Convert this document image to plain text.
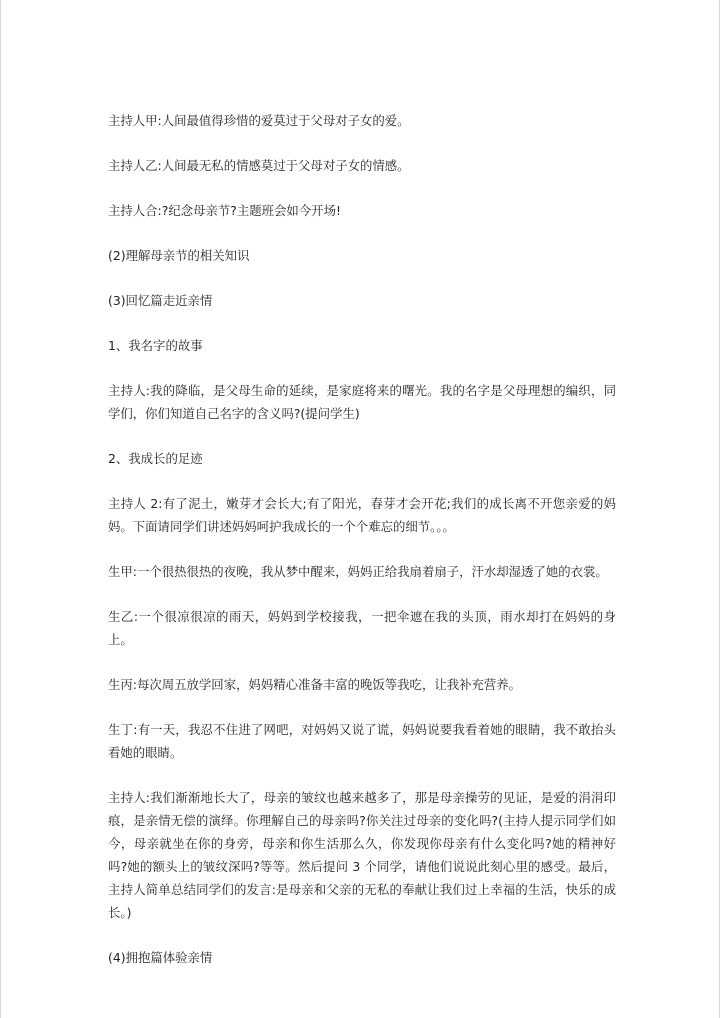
主持人甲:人间最值得珍惜的爱莫过于父母对子女的爱。

主持人乙:人间最无私的情感莫过于父母对子女的情感。

主持人合:?纪念母亲节?主题班会如今开场!

(2)理解母亲节的相关知识

(3)回忆篇走近亲情

1、我名字的故事

主持人:我的降临，是父母生命的延续，是家庭将来的曙光。我的名字是父母理想的编织，同学们，你们知道自己名字的含义吗?(提问学生)

2、我成长的足迹

主持人 2:有了泥土，嫩芽才会长大;有了阳光，春芽才会开花;我们的成长离不开您亲爱的妈妈。下面请同学们讲述妈妈呵护我成长的一个个难忘的细节。。。

生甲:一个很热很热的夜晚，我从梦中醒来，妈妈正给我扇着扇子，汗水却湿透了她的衣裳。

生乙:一个很凉很凉的雨天，妈妈到学校接我，一把伞遮在我的头顶，雨水却打在妈妈的身上。

生丙:每次周五放学回家，妈妈精心准备丰富的晚饭等我吃，让我补充营养。

生丁:有一天，我忍不住进了网吧，对妈妈又说了谎，妈妈说要我看着她的眼睛，我不敢抬头看她的眼睛。

主持人:我们渐渐地长大了，母亲的皱纹也越来越多了，那是母亲操劳的见证，是爱的涓涓印痕，是亲情无偿的演绎。你理解自己的母亲吗?你关注过母亲的变化吗?(主持人提示同学们如今，母亲就坐在你的身旁，母亲和你生活那么久，你发现你母亲有什么变化吗?她的精神好吗?她的额头上的皱纹深吗?等等。然后提问 3 个同学，请他们说说此刻心里的感受。最后，主持人简单总结同学们的发言:是母亲和父亲的无私的奉献让我们过上幸福的生活，快乐的成长。)

(4)拥抱篇体验亲情
